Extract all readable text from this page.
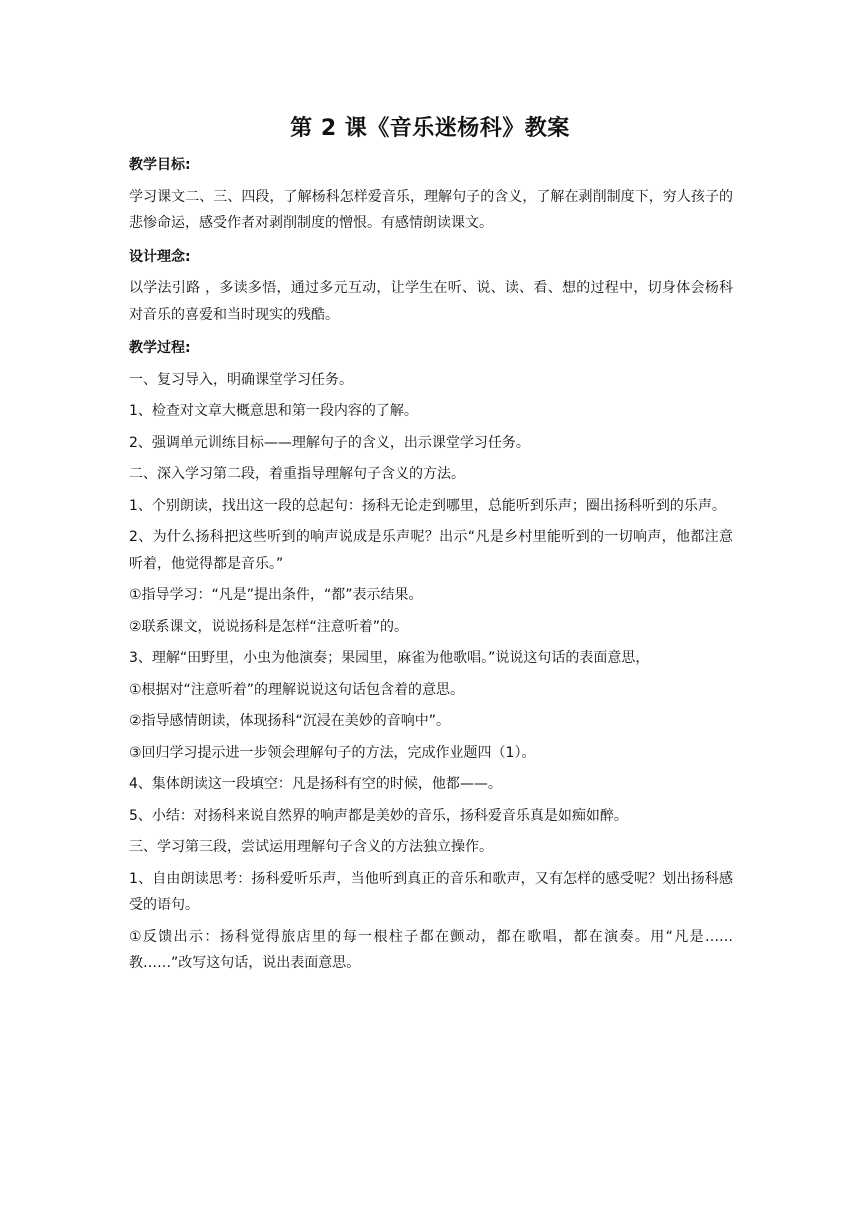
第 2 课《音乐迷杨科》教案

教学目标:

学习课文二、三、四段，了解杨科怎样爱音乐，理解句子的含义，了解在剥削制度下，穷人孩子的悲惨命运，感受作者对剥削制度的憎恨。有感情朗读课文。

设计理念:

以学法引路 ，多读多悟，通过多元互动，让学生在听、说、读、看、想的过程中，切身体会杨科对音乐的喜爱和当时现实的残酷。

教学过程:

一、复习导入，明确课堂学习任务。

1、检查对文章大概意思和第一段内容的了解。

2、强调单元训练目标——理解句子的含义，出示课堂学习任务。

二、深入学习第二段，着重指导理解句子含义的方法。

1、个别朗读，找出这一段的总起句：扬科无论走到哪里，总能听到乐声；圈出扬科听到的乐声。

2、为什么扬科把这些听到的响声说成是乐声呢？出示“凡是乡村里能听到的一切响声，他都注意听着，他觉得都是音乐。”

①指导学习：“凡是”提出条件，“都”表示结果。

②联系课文，说说扬科是怎样“注意听着”的。

3、理解“田野里，小虫为他演奏；果园里，麻雀为他歌唱。”说说这句话的表面意思，

①根据对“注意听着”的理解说说这句话包含着的意思。

②指导感情朗读，体现扬科“沉浸在美妙的音响中”。

③回归学习提示进一步领会理解句子的方法，完成作业题四（1）。

4、集体朗读这一段填空：凡是扬科有空的时候，他都——。

5、小结：对扬科来说自然界的响声都是美妙的音乐，扬科爱音乐真是如痴如醉。

三、学习第三段，尝试运用理解句子含义的方法独立操作。

1、自由朗读思考：扬科爱听乐声，当他听到真正的音乐和歌声，又有怎样的感受呢？划出扬科感受的语句。

①反馈出示：扬科觉得旅店里的每一根柱子都在颤动，都在歌唱，都在演奏。用“凡是……教……”改写这句话，说出表面意思。
